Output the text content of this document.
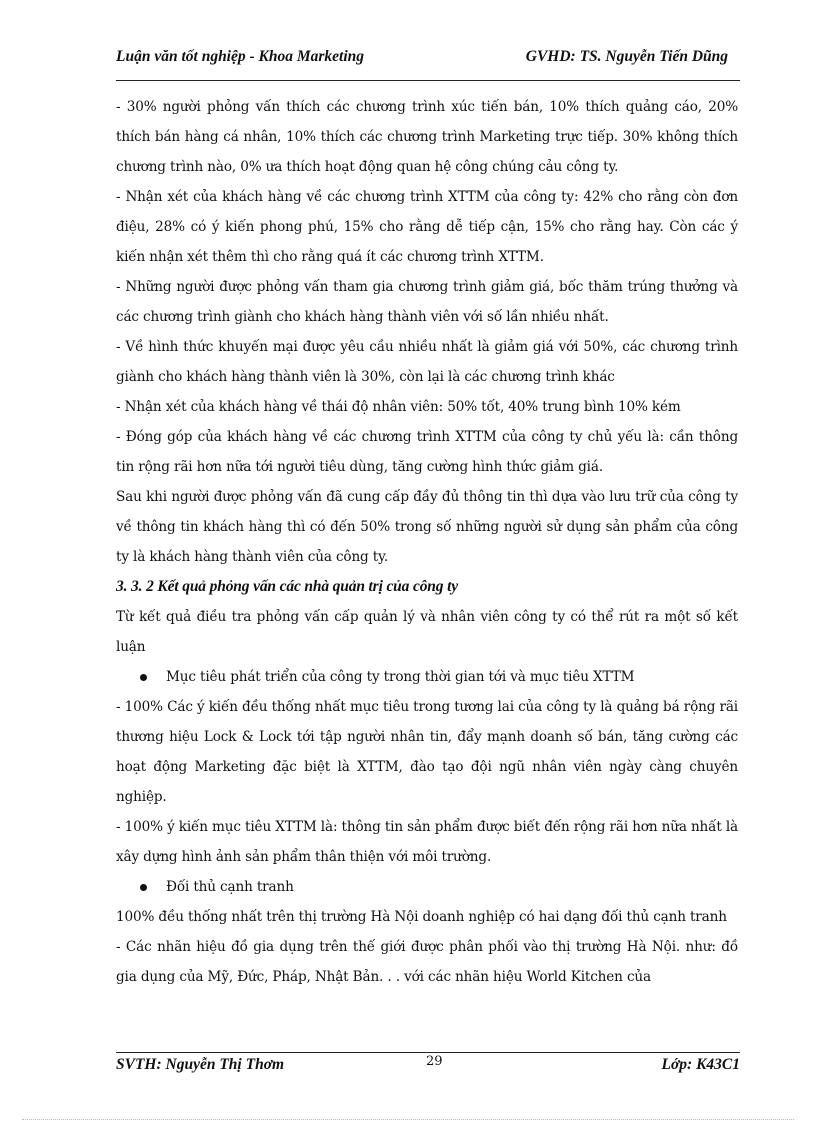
Luận văn tốt nghiệp - Khoa Marketing	GVHD: TS. Nguyễn Tiến Dũng

- 30% người phỏng vấn thích các chương trình xúc tiến bán, 10% thích quảng cáo, 20% thích bán hàng cá nhân, 10% thích các chương trình Marketing trực tiếp. 30% không thích chương trình nào, 0% ưa thích hoạt động quan hệ công chúng cảu công ty.

- Nhận xét của khách hàng về các chương trình XTTM của công ty: 42% cho rằng còn đơn điệu, 28% có ý kiến phong phú, 15% cho rằng dễ tiếp cận, 15% cho rằng hay. Còn các ý kiến nhận xét thêm thì cho rằng quá ít các chương trình XTTM.

- Những người được phỏng vấn tham gia chương trình giảm giá, bốc thăm trúng thưởng và các chương trình giành cho khách hàng thành viên với số lần nhiều nhất.

- Về hình thức khuyến mại được yêu cầu nhiều nhất là giảm giá với 50%, các chương trình giành cho khách hàng thành viên là 30%, còn lại là các chương trình khác

- Nhận xét của khách hàng về thái độ nhân viên: 50% tốt, 40% trung bình 10% kém

- Đóng góp của khách hàng về các chương trình XTTM của công ty chủ yếu là: cần thông tin rộng rãi hơn nữa tới người tiêu dùng, tăng cường hình thức giảm giá.

Sau khi người được phỏng vấn đã cung cấp đầy đủ thông tin thì dựa vào lưu trữ của công ty về thông tin khách hàng thì có đến 50% trong số những người sử dụng sản phẩm của công ty là khách hàng thành viên của công ty.

3. 3. 2 Kết quả phỏng vấn các nhà quản trị của công ty

Từ kết quả điều tra phỏng vấn cấp quản lý và nhân viên công ty có thể rút ra một số kết luận

Mục tiêu phát triển của công ty trong thời gian tới và mục tiêu XTTM

- 100% Các ý kiến đều thống nhất mục tiêu trong tương lai của công ty là quảng bá rộng rãi thương hiệu Lock & Lock tới tập người nhân tin, đẩy mạnh doanh số bán, tăng cường các hoạt động Marketing đặc biệt là XTTM, đào tạo đội ngũ nhân viên ngày càng chuyên nghiệp.

- 100% ý kiến mục tiêu XTTM là: thông tin sản phẩm được biết đến rộng rãi hơn nữa nhất là xây dựng hình ảnh sản phẩm thân thiện với môi trường.

Đối thủ cạnh tranh

100% đều thống nhất trên thị trường Hà Nội doanh nghiệp có hai dạng đối thủ cạnh tranh

- Các nhãn hiệu đồ gia dụng trên thế giới được phân phối vào thị trường Hà Nội. như: đồ gia dụng của Mỹ, Đức, Pháp, Nhật Bản. . . với các nhãn hiệu World Kitchen của

SVTH: Nguyễn Thị Thơm	29	Lớp: K43C1
